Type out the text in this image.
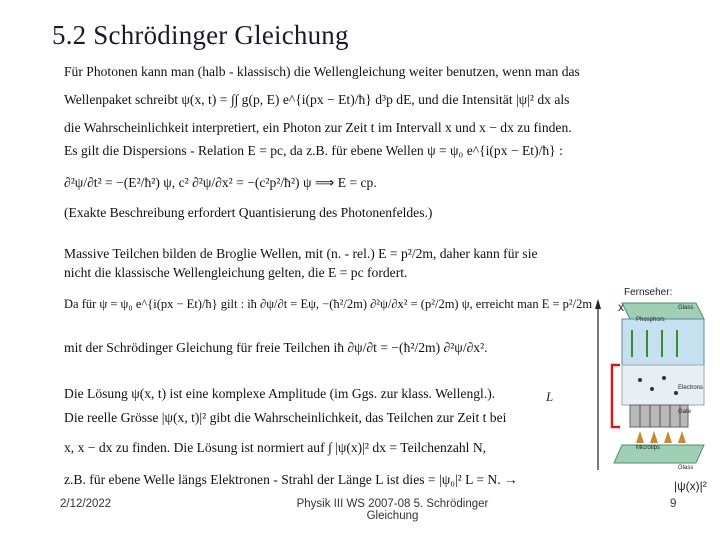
5.2 Schrödinger Gleichung
Für Photonen kann man (halb - klassisch) die Wellengleichung weiter benutzen, wenn man das
Wellenpaket schreibt ψ(x, t) = ∫∫ g(p, E) e^{i(px − Et)/ħ} d³p dE, und die Intensität |ψ|² dx als
die Wahrscheinlichkeit interpretiert, ein Photon zur Zeit t im Intervall x und x − dx zu finden.
Es gilt die Dispersions - Relation E = pc, da z.B. für ebene Wellen ψ = ψ₀ e^{i(px − Et)/ħ} :
∂²ψ/∂t² = −(E²/ħ²) ψ, c² ∂²ψ/∂x² = −(c²p²/ħ²) ψ ⟹ E = cp.
(Exakte Beschreibung erfordert Quantisierung des Photonenfeldes.)
Massive Teilchen bilden de Broglie Wellen, mit (n. - rel.) E = p²/2m, daher kann für sie
nicht die klassische Wellengleichung gelten, die E = pc fordert.
Da für ψ = ψ₀ e^{i(px − Et)/ħ} gilt : iħ ∂ψ/∂t = Eψ, −(ħ²/2m) ∂²ψ/∂x² = (p²/2m) ψ, erreicht man E = p²/2m
mit der Schrödinger Gleichung für freie Teilchen iħ ∂ψ/∂t = −(ħ²/2m) ∂²ψ/∂x².
Die Lösung ψ(x, t) ist eine komplexe Amplitude (im Ggs. zur klass. Wellengl.).
Die reelle Grösse |ψ(x, t)|² gibt die Wahrscheinlichkeit, das Teilchen zur Zeit t bei
x, x − dx zu finden. Die Lösung ist normiert auf ∫ |ψ(x)|² dx = Teilchenzahl N,
z.B. für ebene Welle längs Elektronen - Strahl der Länge L ist dies = |ψ₀|² L = N. →
Fernseher:
x
L
|ψ(x)|²
Phosphors
Glass
Electrons
Gate
Microtips
Glass
2/12/2022	Physik III WS 2007-08 5. Schrödinger Gleichung
9
